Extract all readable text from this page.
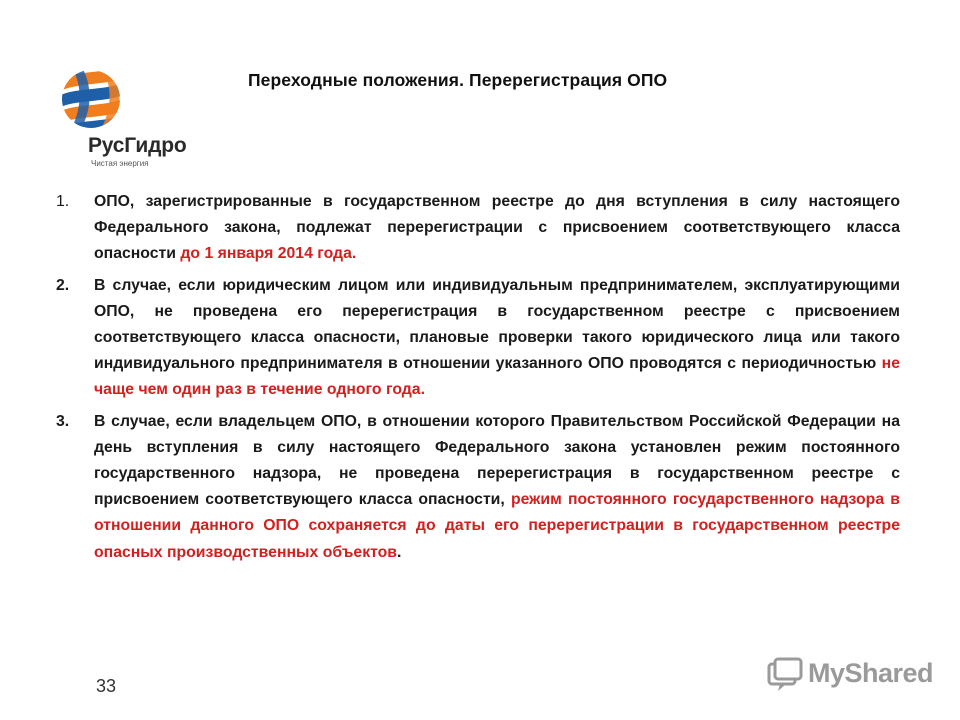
РусГидро
Чистая энергия
Переходные положения. Перерегистрация ОПО
1. ОПО, зарегистрированные в государственном реестре до дня вступления в силу настоящего Федерального закона, подлежат перерегистрации с присвоением соответствующего класса опасности до 1 января 2014 года.
2. В случае, если юридическим лицом или индивидуальным предпринимателем, эксплуатирующими ОПО, не проведена его перерегистрация в государственном реестре с присвоением соответствующего класса опасности, плановые проверки такого юридического лица или такого индивидуального предпринимателя в отношении указанного ОПО проводятся с периодичностью не чаще чем один раз в течение одного года.
3. В случае, если владельцем ОПО, в отношении которого Правительством Российской Федерации на день вступления в силу настоящего Федерального закона установлен режим постоянного государственного надзора, не проведена перерегистрация в государственном реестре с присвоением соответствующего класса опасности, режим постоянного государственного надзора в отношении данного ОПО сохраняется до даты его перерегистрации в государственном реестре опасных производственных объектов.
33	MyShared
